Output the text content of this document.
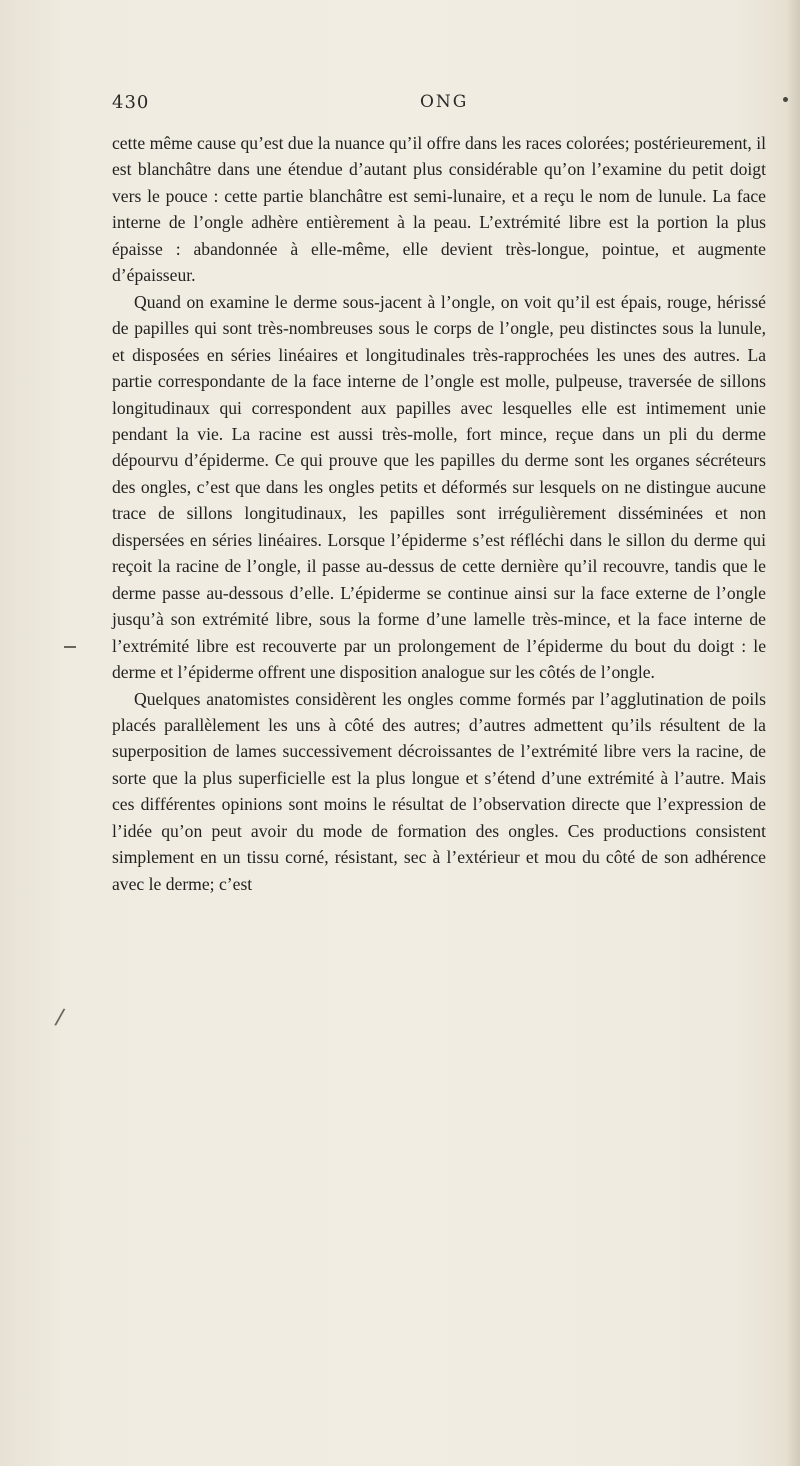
430	ONG

cette même cause qu’est due la nuance qu’il offre dans les races colorées; postérieurement, il est blanchâtre dans une étendue d’autant plus considérable qu’on l’examine du petit doigt vers le pouce : cette partie blanchâtre est semi-lunaire, et a reçu le nom de lunule. La face interne de l’ongle adhère entièrement à la peau. L’extrémité libre est la portion la plus épaisse : abandonnée à elle-même, elle devient très-longue, pointue, et augmente d’épaisseur.

Quand on examine le derme sous-jacent à l’ongle, on voit qu’il est épais, rouge, hérissé de papilles qui sont très-nombreuses sous le corps de l’ongle, peu distinctes sous la lunule, et disposées en séries linéaires et longitudinales très-rapprochées les unes des autres. La partie correspondante de la face interne de l’ongle est molle, pulpeuse, traversée de sillons longitudinaux qui correspondent aux papilles avec lesquelles elle est intimement unie pendant la vie. La racine est aussi très-molle, fort mince, reçue dans un pli du derme dépourvu d’épiderme. Ce qui prouve que les papilles du derme sont les organes sécréteurs des ongles, c’est que dans les ongles petits et déformés sur lesquels on ne distingue aucune trace de sillons longitudinaux, les papilles sont irrégulièrement disséminées et non dispersées en séries linéaires. Lorsque l’épiderme s’est réfléchi dans le sillon du derme qui reçoit la racine de l’ongle, il passe au-dessus de cette dernière qu’il recouvre, tandis que le derme passe au-dessous d’elle. L’épiderme se continue ainsi sur la face externe de l’ongle jusqu’à son extrémité libre, sous la forme d’une lamelle très-mince, et la face interne de l’extrémité libre est recouverte par un prolongement de l’épiderme du bout du doigt : le derme et l’épiderme offrent une disposition analogue sur les côtés de l’ongle.

Quelques anatomistes considèrent les ongles comme formés par l’agglutination de poils placés parallèlement les uns à côté des autres; d’autres admettent qu’ils résultent de la superposition de lames successivement décroissantes de l’extrémité libre vers la racine, de sorte que la plus superficielle est la plus longue et s’étend d’une extrémité à l’autre. Mais ces différentes opinions sont moins le résultat de l’observation directe que l’expression de l’idée qu’on peut avoir du mode de formation des ongles. Ces productions consistent simplement en un tissu corné, résistant, sec à l’extérieur et mou du côté de son adhérence avec le derme; c’est

/
